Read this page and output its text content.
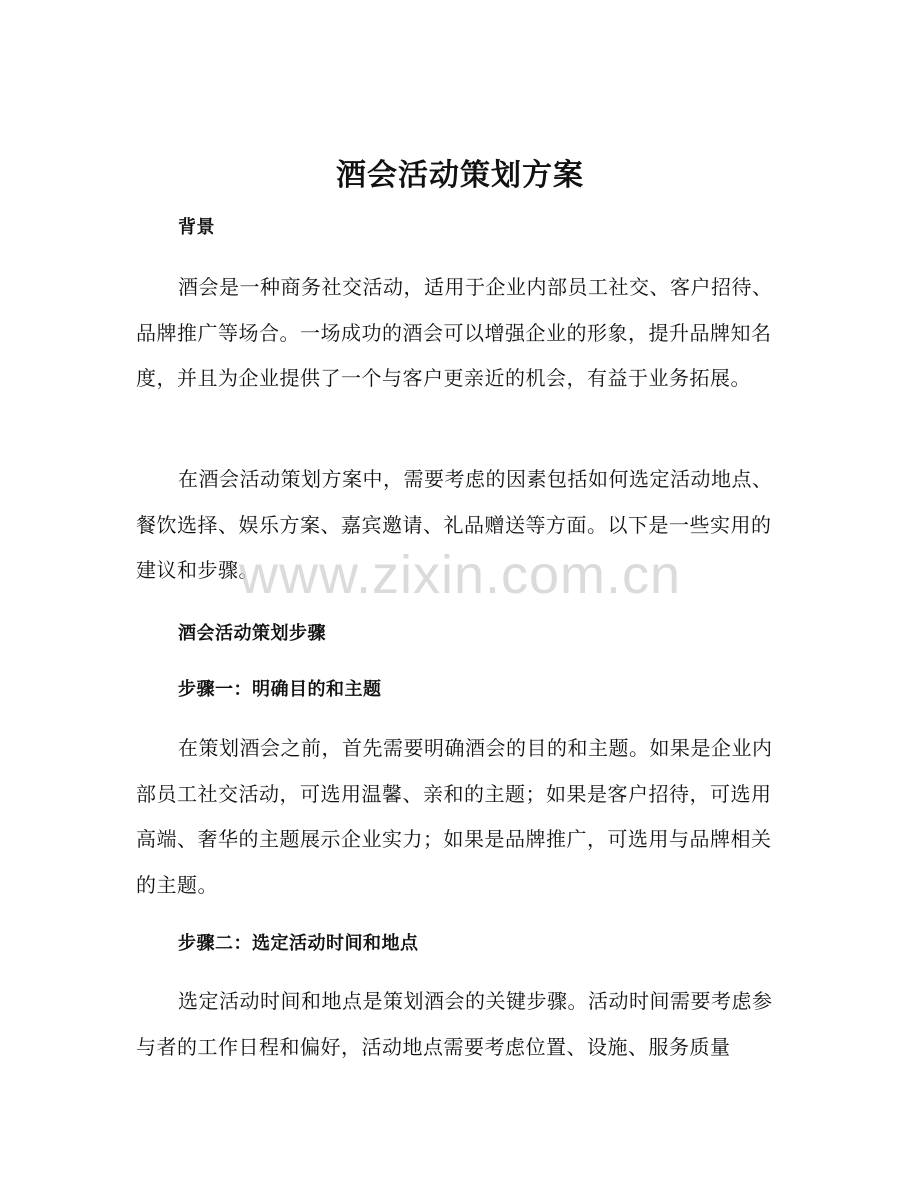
酒会活动策划方案
背景

酒会是一种商务社交活动，适用于企业内部员工社交、客户招待、品牌推广等场合。一场成功的酒会可以增强企业的形象，提升品牌知名度，并且为企业提供了一个与客户更亲近的机会，有益于业务拓展。

在酒会活动策划方案中，需要考虑的因素包括如何选定活动地点、餐饮选择、娱乐方案、嘉宾邀请、礼品赠送等方面。以下是一些实用的建议和步骤。

酒会活动策划步骤
步骤一：明确目的和主题

在策划酒会之前，首先需要明确酒会的目的和主题。如果是企业内部员工社交活动，可选用温馨、亲和的主题；如果是客户招待，可选用高端、奢华的主题展示企业实力；如果是品牌推广，可选用与品牌相关的主题。

步骤二：选定活动时间和地点

选定活动时间和地点是策划酒会的关键步骤。活动时间需要考虑参与者的工作日程和偏好，活动地点需要考虑位置、设施、服务质量

www.zixin.com.cn
